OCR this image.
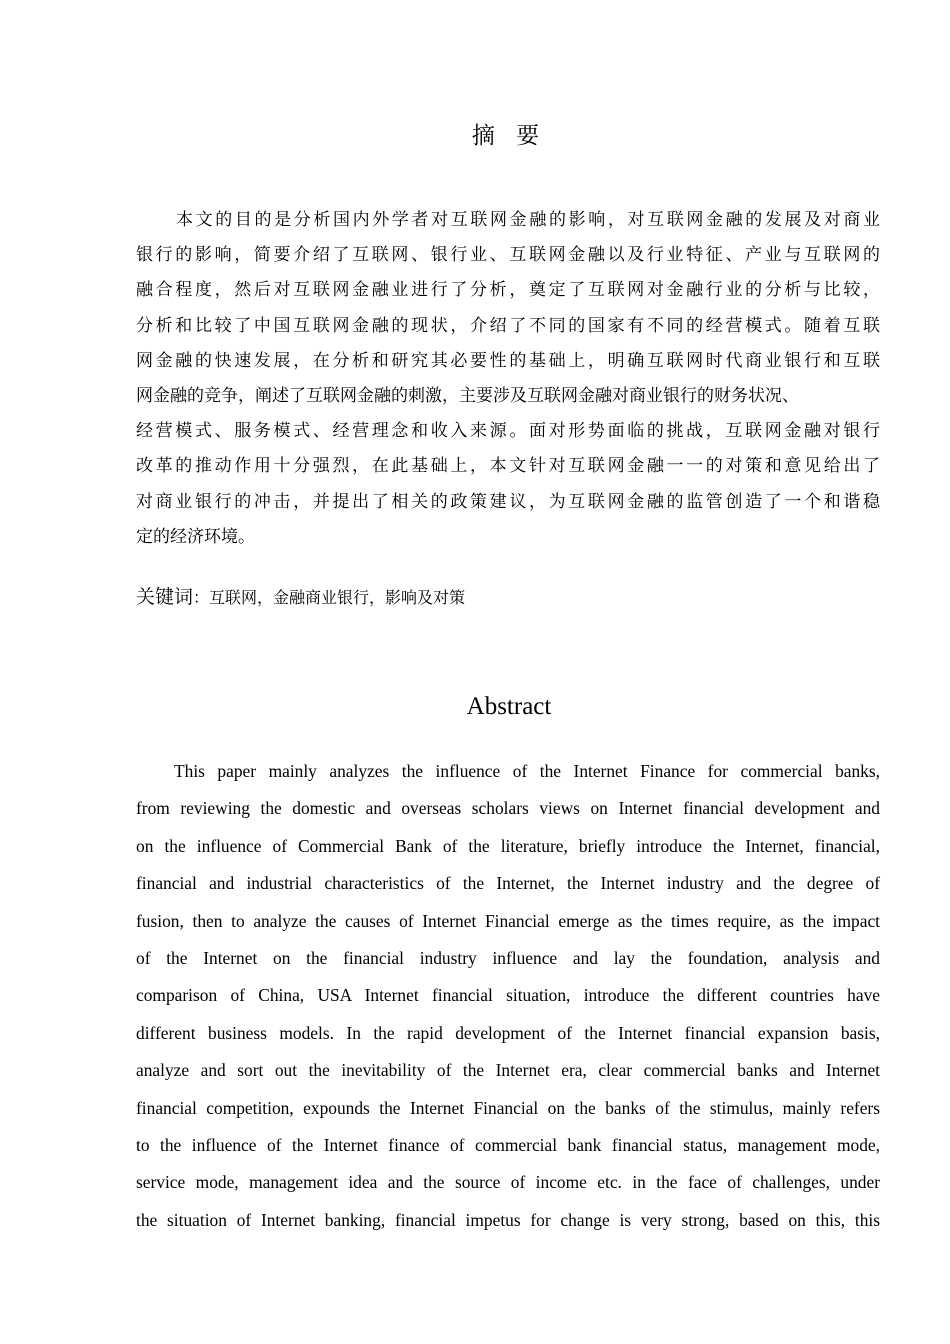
摘 要
本文的目的是分析国内外学者对互联网金融的影响，对互联网金融的发展及对商业
银行的影响，简要介绍了互联网、银行业、互联网金融以及行业特征、产业与互联网的
融合程度，然后对互联网金融业进行了分析，奠定了互联网对金融行业的分析与比较，
分析和比较了中国互联网金融的现状，介绍了不同的国家有不同的经营模式。随着互联
网金融的快速发展，在分析和研究其必要性的基础上，明确互联网时代商业银行和互联
网金融的竞争，阐述了互联网金融的刺激，主要涉及互联网金融对商业银行的财务状况、
经营模式、服务模式、经营理念和收入来源。面对形势面临的挑战，互联网金融对银行
改革的推动作用十分强烈，在此基础上，本文针对互联网金融一一的对策和意见给出了
对商业银行的冲击，并提出了相关的政策建议，为互联网金融的监管创造了一个和谐稳
定的经济环境。
关键词：互联网，金融商业银行，影响及对策
Abstract
This paper mainly analyzes the influence of the Internet Finance for commercial banks,
from reviewing the domestic and overseas scholars views on Internet financial development and
on the influence of Commercial Bank of the literature, briefly introduce the Internet, financial,
financial and industrial characteristics of the Internet, the Internet industry and the degree of
fusion, then to analyze the causes of Internet Financial emerge as the times require, as the impact
of the Internet on the financial industry influence and lay the foundation, analysis and
comparison of China, USA Internet financial situation, introduce the different countries have
different business models. In the rapid development of the Internet financial expansion basis,
analyze and sort out the inevitability of the Internet era, clear commercial banks and Internet
financial competition, expounds the Internet Financial on the banks of the stimulus, mainly refers
to the influence of the Internet finance of commercial bank financial status, management mode,
service mode, management idea and the source of income etc. in the face of challenges, under
the situation of Internet banking, financial impetus for change is very strong, based on this, this
